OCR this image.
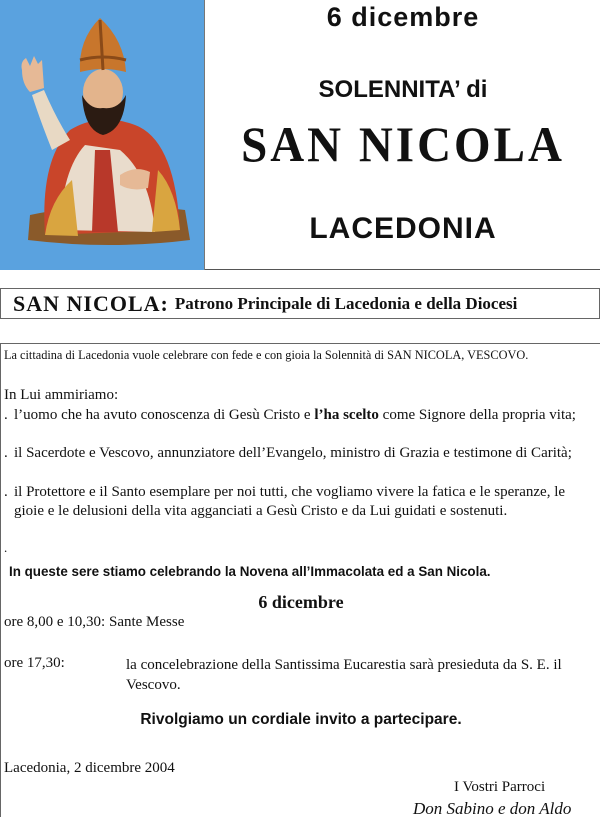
6 dicembre
SOLENNITA’ di
SAN NICOLA
LACEDONIA
SAN NICOLA: Patrono Principale di Lacedonia e della Diocesi
La cittadina di Lacedonia vuole celebrare con fede e con gioia la Solennità di SAN NICOLA, VESCOVO.
In Lui ammiriamo:
. l’uomo che ha avuto conoscenza di Gesù Cristo e l’ha scelto come Signore della propria vita;
. il Sacerdote e Vescovo, annunziatore dell’Evangelo, ministro di Grazia e testimone di Carità;
. il Protettore e il Santo esemplare per noi tutti, che vogliamo vivere la fatica e le speranze, le gioie e le delusioni della vita agganciati a Gesù Cristo e da Lui guidati e sostenuti.
.
In queste sere stiamo celebrando la Novena all’Immacolata ed a San Nicola.
6 dicembre
ore 8,00 e 10,30: Sante Messe
ore 17,30:	la concelebrazione della Santissima Eucarestia sarà presieduta da S. E. il Vescovo.
Rivolgiamo un cordiale invito a partecipare.
Lacedonia, 2 dicembre 2004
I Vostri Parroci
Don Sabino e don Aldo
